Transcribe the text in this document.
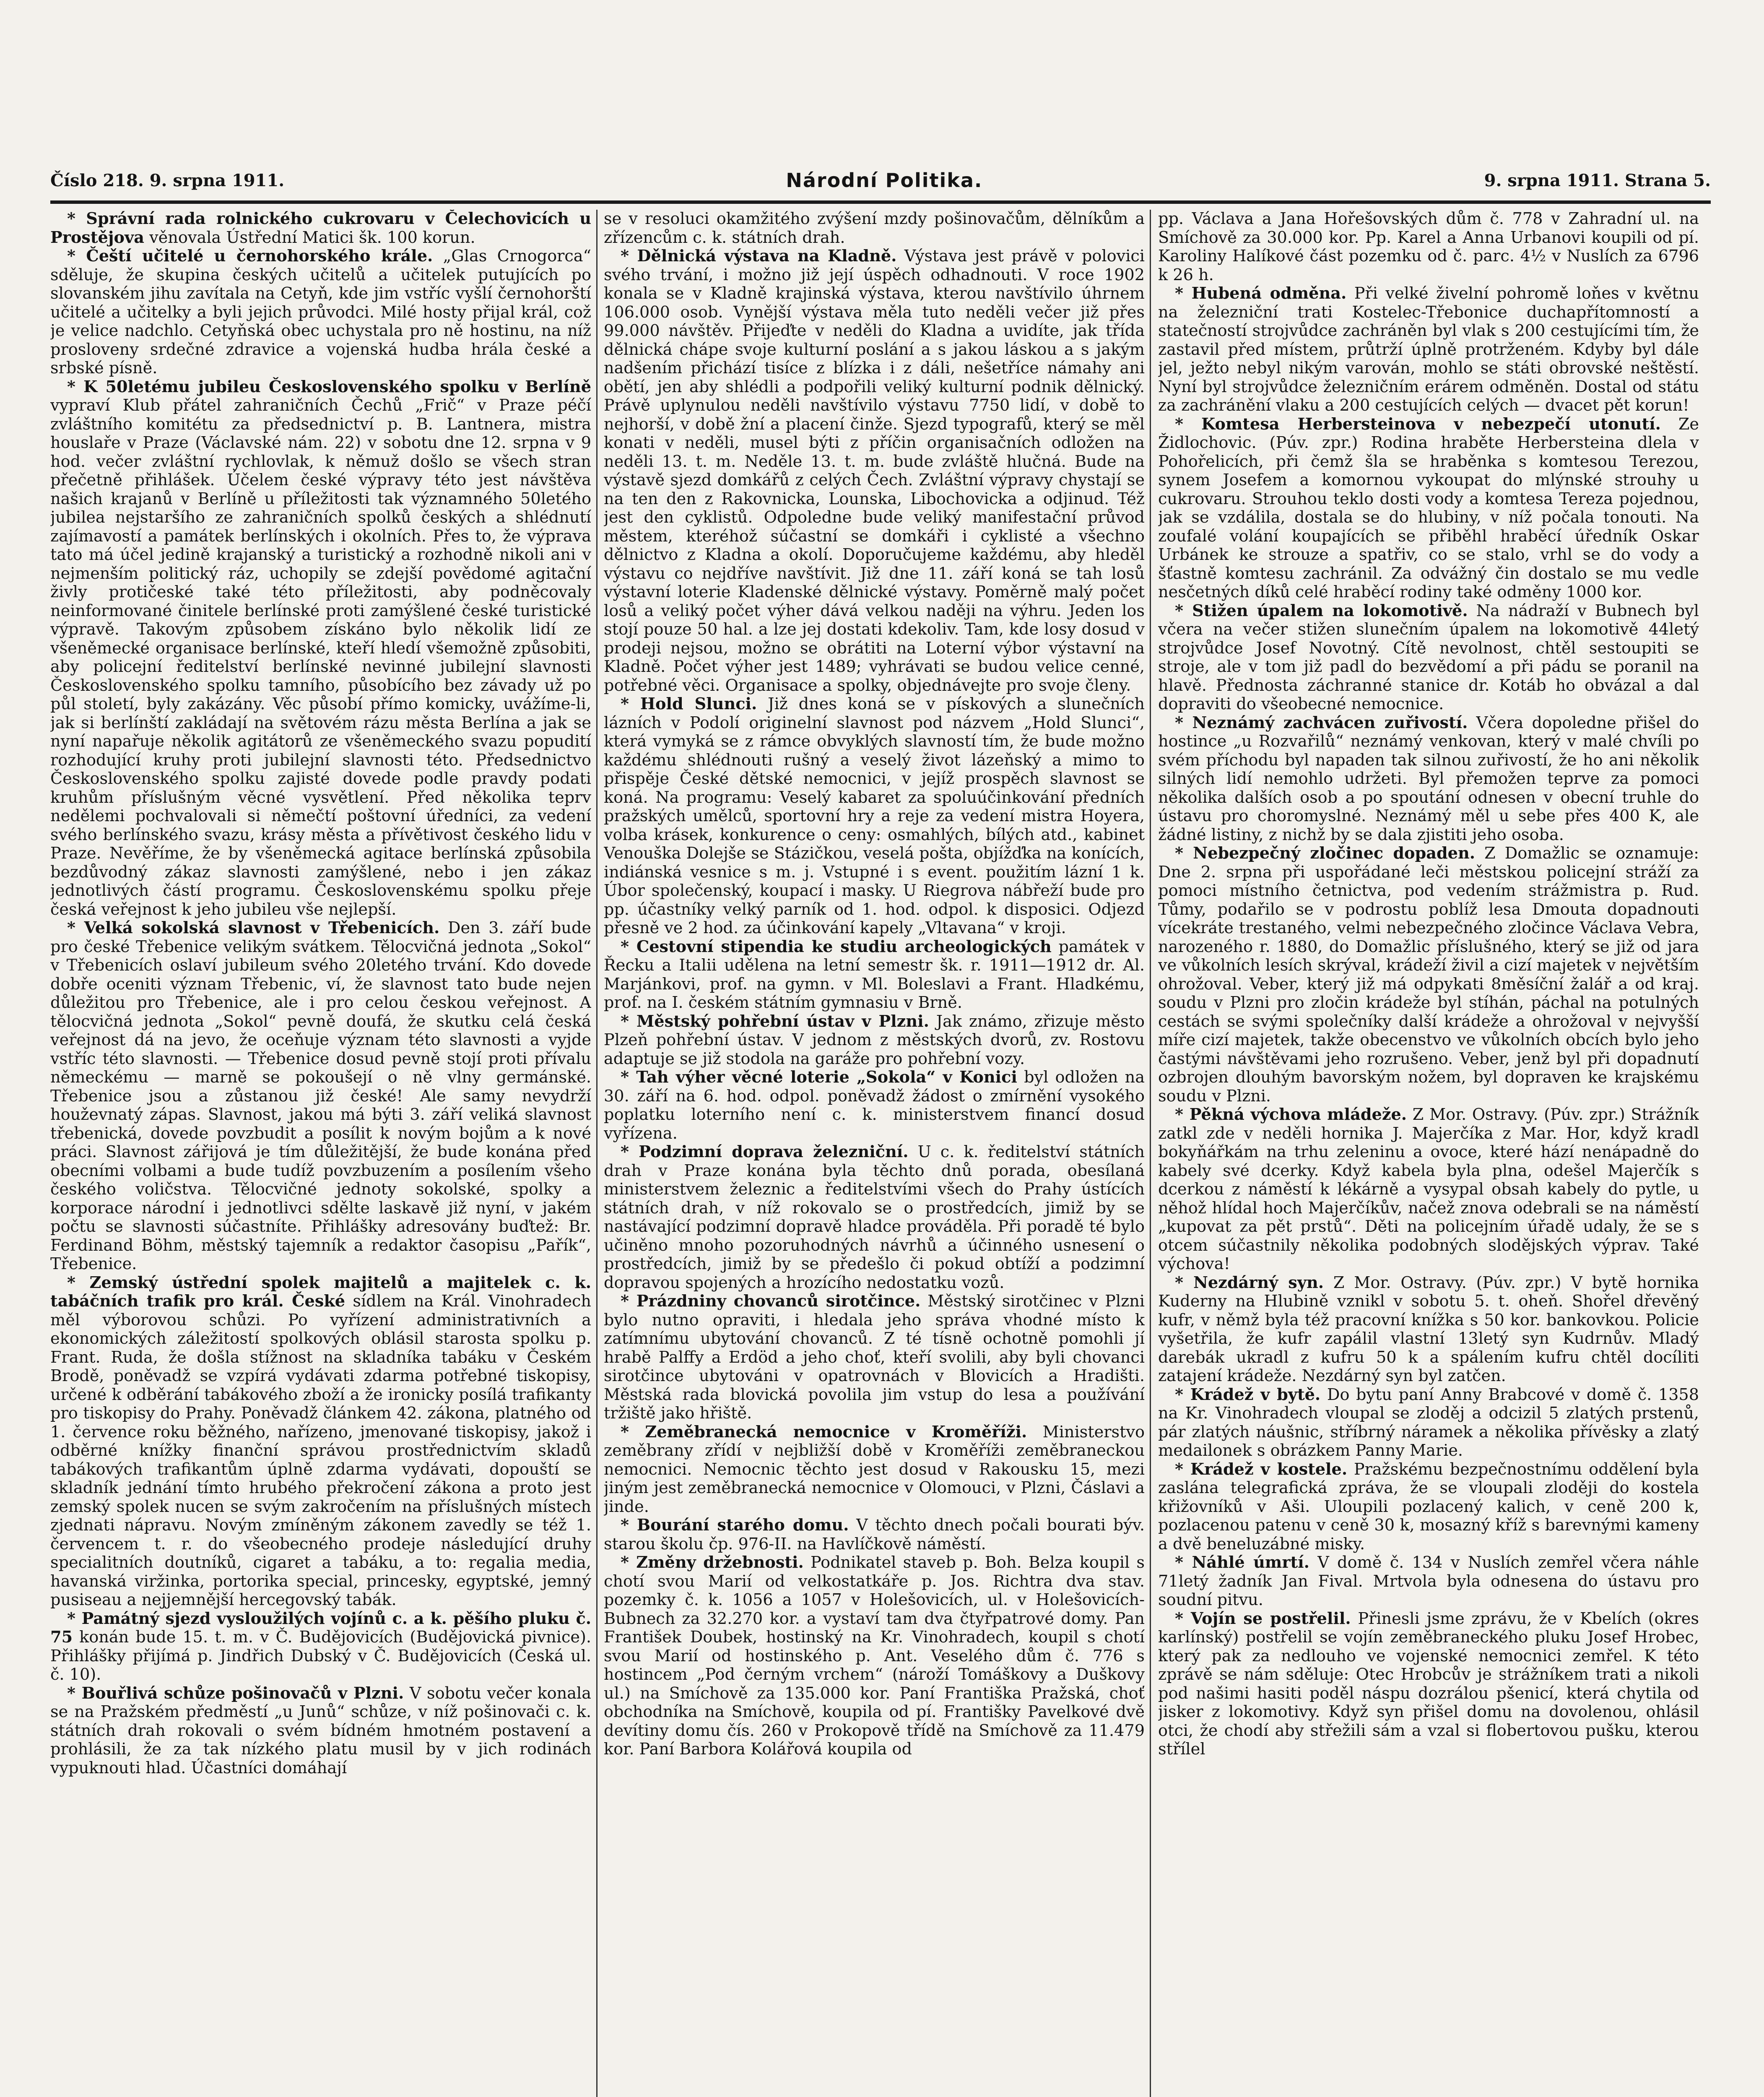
Číslo 218. 9. srpna 1911.	Národní Politika.	9. srpna 1911. Strana 5.

* Správní rada rolnického cukrovaru v Čelechovicích u Prostějova věnovala Ústřední Matici šk. 100 korun.

* Čeští učitelé u černohorského krále. „Glas Crnogorca“ sděluje, že skupina českých učitelů a učitelek putujících po slovanském jihu zavítala na Cetyň, kde jim vstříc vyšlí černohorští učitelé a učitelky a byli jejich průvodci. Milé hosty přijal král, což je velice nadchlo. Cetyňská obec uchystala pro ně hostinu, na níž prosloveny srdečné zdravice a vojenská hudba hrála české a srbské písně.

* K 50letému jubileu Československého spolku v Berlíně vypraví Klub přátel zahraničních Čechů „Frič“ v Praze péčí zvláštního komitétu za předsednictví p. B. Lantnera, mistra houslaře v Praze (Václavské nám. 22) v sobotu dne 12. srpna v 9 hod. večer zvláštní rychlovlak, k němuž došlo se všech stran přečetně přihlášek. Účelem české výpravy této jest návštěva našich krajanů v Berlíně u příležitosti tak významného 50letého jubilea nejstaršího ze zahraničních spolků českých a shlédnutí zajímavostí a památek berlínských i okolních. Přes to, že výprava tato má účel jedině krajanský a turistický a rozhodně nikoli ani v nejmenším politický ráz, uchopily se zdejší povědomé agitační živly protičeské také této příležitosti, aby podněcovaly neinformované činitele berlínské proti zamýšlené české turistické výpravě. Takovým způsobem získáno bylo několik lidí ze všeněmecké organisace berlínské, kteří hledí všemožně způsobiti, aby policejní ředitelství berlínské nevinné jubilejní slavnosti Československého spolku tamního, působícího bez závady už po půl století, byly zakázány. Věc působí přímo komicky, uvážíme-li, jak si berlínští zakládají na světovém rázu města Berlína a jak se nyní napařuje několik agitátorů ze všeněmeckého svazu popudití rozhodující kruhy proti jubilejní slavnosti této. Předsednictvo Československého spolku zajisté dovede podle pravdy podati kruhům příslušným věcné vysvětlení. Před několika teprv nedělemi pochvalovali si němečtí poštovní úředníci, za vedení svého berlínského svazu, krásy města a přívětivost českého lidu v Praze. Nevěříme, že by všeněmecká agitace berlínská způsobila bezdůvodný zákaz slavnosti zamýšlené, nebo i jen zákaz jednotlivých částí programu. Československému spolku přeje česká veřejnost k jeho jubileu vše nejlepší.

* Velká sokolská slavnost v Třebenicích. Den 3. září bude pro české Třebenice velikým svátkem. Tělocvičná jednota „Sokol“ v Třebenicích oslaví jubileum svého 20letého trvání. Kdo dovede dobře oceniti význam Třebenic, ví, že slavnost tato bude nejen důležitou pro Třebenice, ale i pro celou českou veřejnost. A tělocvičná jednota „Sokol“ pevně doufá, že skutku celá česká veřejnost dá na jevo, že oceňuje význam této slavnosti a vyjde vstříc této slavnosti. — Třebenice dosud pevně stojí proti přívalu německému — marně se pokoušejí o ně vlny germánské. Třebenice jsou a zůstanou již české! Ale samy nevydrží houževnatý zápas. Slavnost, jakou má býti 3. září veliká slavnost třebenická, dovede povzbudit a posílit k novým bojům a k nové práci. Slavnost zářijová je tím důležitější, že bude konána před obecními volbami a bude tudíž povzbuzením a posílením všeho českého voličstva. Tělocvičné jednoty sokolské, spolky a korporace národní i jednotlivci sdělte laskavě již nyní, v jakém počtu se slavnosti súčastníte. Přihlášky adresovány buďtež: Br. Ferdinand Böhm, městský tajemník a redaktor časopisu „Pařík“, Třebenice.

* Zemský ústřední spolek majitelů a majitelek c. k. tabáčních trafik pro král. České sídlem na Král. Vinohradech měl výborovou schůzi. Po vyřízení administrativních a ekonomických záležitostí spolkových oblásil starosta spolku p. Frant. Ruda, že došla stížnost na skladníka tabáku v Českém Brodě, poněvadž se vzpírá vydávati zdarma potřebné tiskopisy, určené k odběrání tabákového zboží a že ironicky posílá trafikanty pro tiskopisy do Prahy. Poněvadž článkem 42. zákona, platného od 1. července roku běžného, nařízeno, jmenované tiskopisy, jakož i odběrné knížky finanční správou prostřednictvím skladů tabákových trafikantům úplně zdarma vydávati, dopouští se skladník jednání tímto hrubého překročení zákona a proto jest zemský spolek nucen se svým zakročením na příslušných místech zjednati nápravu. Novým zmíněným zákonem zavedly se též 1. červencem t. r. do všeobecného prodeje následující druhy specialitních doutníků, cigaret a tabáku, a to: regalia media, havanská viržinka, portorika special, princesky, egyptské, jemný pusiseau a nejjemnější hercegovský tabák.

* Památný sjezd vysloužilých vojínů c. a k. pěšího pluku č. 75 konán bude 15. t. m. v Č. Budějovicích (Budějovická pivnice). Přihlášky přijímá p. Jindřich Dubský v Č. Budějovicích (Česká ul. č. 10).

* Bouřlivá schůze pošinovačů v Plzni. V sobotu večer konala se na Pražském předměstí „u Junů“ schůze, v níž pošinovači c. k. státních drah rokovali o svém bídném hmotném postavení a prohlásili, že za tak nízkého platu musil by v jich rodinách vypuknouti hlad. Účastníci domáhají

se v resoluci okamžitého zvýšení mzdy pošinovačům, dělníkům a zřízencům c. k. státních drah.

* Dělnická výstava na Kladně. Výstava jest právě v polovici svého trvání, i možno již její úspěch odhadnouti. V roce 1902 konala se v Kladně krajinská výstava, kterou navštívilo úhrnem 106.000 osob. Vynější výstava měla tuto neděli večer již přes 99.000 návštěv. Přijeďte v neděli do Kladna a uvidíte, jak třída dělnická chápe svoje kulturní poslání a s jakou láskou a s jakým nadšením přichází tisíce z blízka i z dáli, nešetříce námahy ani obětí, jen aby shlédli a podpořili veliký kulturní podnik dělnický. Právě uplynulou neděli navštívilo výstavu 7750 lidí, v době to nejhorší, v době žní a placení činže. Sjezd typografů, který se měl konati v neděli, musel býti z příčin organisačních odložen na neděli 13. t. m. Neděle 13. t. m. bude zvláště hlučná. Bude na výstavě sjezd domkářů z celých Čech. Zvláštní výpravy chystají se na ten den z Rakovnicka, Lounska, Libochovicka a odjinud. Též jest den cyklistů. Odpoledne bude veliký manifestační průvod městem, kteréhož súčastní se domkáři i cyklisté a všechno dělnictvo z Kladna a okolí. Doporučujeme každému, aby hleděl výstavu co nejdříve navštívit. Již dne 11. září koná se tah losů výstavní loterie Kladenské dělnické výstavy. Poměrně malý počet losů a veliký počet výher dává velkou naději na výhru. Jeden los stojí pouze 50 hal. a lze jej dostati kdekoliv. Tam, kde losy dosud v prodeji nejsou, možno se obrátiti na Loterní výbor výstavní na Kladně. Počet výher jest 1489; vyhrávati se budou velice cenné, potřebné věci. Organisace a spolky, objednávejte pro svoje členy.

* Hold Slunci. Již dnes koná se v pískových a slunečních lázních v Podolí originelní slavnost pod názvem „Hold Slunci“, která vymyká se z rámce obvyklých slavností tím, že bude možno každému shlédnouti rušný a veselý život lázeňský a mimo to přispěje České dětské nemocnici, v jejíž prospěch slavnost se koná. Na programu: Veselý kabaret za spoluúčinkování předních pražských umělců, sportovní hry a reje za vedení mistra Hoyera, volba krásek, konkurence o ceny: osmahlých, bílých atd., kabinet Venouška Dolejše se Stázičkou, veselá pošta, objížďka na konících, indiánská vesnice s m. j. Vstupné i s event. použitím lázní 1 k. Úbor společenský, koupací i masky. U Riegrova nábřeží bude pro pp. účastníky velký parník od 1. hod. odpol. k disposici. Odjezd přesně ve 2 hod. za účinkování kapely „Vltavana“ v kroji.

* Cestovní stipendia ke studiu archeologických památek v Řecku a Italii udělena na letní semestr šk. r. 1911—1912 dr. Al. Marjánkovi, prof. na gymn. v Ml. Boleslavi a Frant. Hladkému, prof. na I. českém státním gymnasiu v Brně.

* Městský pohřební ústav v Plzni. Jak známo, zřizuje město Plzeň pohřební ústav. V jednom z městských dvorů, zv. Rostovu adaptuje se již stodola na garáže pro pohřební vozy.

* Tah výher věcné loterie „Sokola“ v Konici byl odložen na 30. září na 6. hod. odpol. poněvadž žádost o zmírnění vysokého poplatku loterního není c. k. ministerstvem financí dosud vyřízena.

* Podzimní doprava železniční. U c. k. ředitelství státních drah v Praze konána byla těchto dnů porada, obesílaná ministerstvem železnic a ředitelstvími všech do Prahy ústících státních drah, v níž rokovalo se o prostředcích, jimiž by se nastávající podzimní dopravě hladce prováděla. Při poradě té bylo učiněno mnoho pozoruhodných návrhů a účinného usnesení o prostředcích, jimiž by se předešlo či pokud obtíží a podzimní dopravou spojených a hrozícího nedostatku vozů.

* Prázdniny chovanců sirotčince. Městský sirotčinec v Plzni bylo nutno opraviti, i hledala jeho správa vhodné místo k zatímnímu ubytování chovanců. Z té tísně ochotně pomohli jí hrabě Palffy a Erdöd a jeho choť, kteří svolili, aby byli chovanci sirotčince ubytováni v opatrovnách v Blovicích a Hradišti. Městská rada blovická povolila jim vstup do lesa a používání tržiště jako hřiště.

* Zeměbranecká nemocnice v Kroměříži. Ministerstvo zeměbrany zřídí v nejbližší době v Kroměříži zeměbraneckou nemocnici. Nemocnic těchto jest dosud v Rakousku 15, mezi jiným jest zeměbranecká nemocnice v Olomouci, v Plzni, Čáslavi a jinde.

* Bourání starého domu. V těchto dnech počali bourati býv. starou školu čp. 976-II. na Havlíčkově náměstí.

* Změny držebnosti. Podnikatel staveb p. Boh. Belza koupil s chotí svou Marií od velkostatkáře p. Jos. Richtra dva stav. pozemky č. k. 1056 a 1057 v Holešovicích, ul. v Holešovicích-Bubnech za 32.270 kor. a vystaví tam dva čtyřpatrové domy. Pan František Doubek, hostinský na Kr. Vinohradech, koupil s chotí svou Marií od hostinského p. Ant. Veselého dům č. 776 s hostincem „Pod černým vrchem“ (nároží Tomáškovy a Duškovy ul.) na Smíchově za 135.000 kor. Paní Františka Pražská, choť obchodníka na Smíchově, koupila od pí. Františky Pavelkové dvě devítiny domu čís. 260 v Prokopově třídě na Smíchově za 11.479 kor. Paní Barbora Kolářová koupila od

pp. Václava a Jana Hořešovských dům č. 778 v Zahradní ul. na Smíchově za 30.000 kor. Pp. Karel a Anna Urbanovi koupili od pí. Karoliny Halíkové část pozemku od č. parc. 4½ v Nuslích za 6796 k 26 h.

* Hubená odměna. Při velké živelní pohromě loňes v květnu na železniční trati Kostelec-Třebonice duchapřítomností a statečností strojvůdce zachráněn byl vlak s 200 cestujícími tím, že zastavil před místem, průtrží úplně protrženém. Kdyby byl dále jel, ježto nebyl nikým varován, mohlo se státi obrovské neštěstí. Nyní byl strojvůdce železničním erárem odměněn. Dostal od státu za zachránění vlaku a 200 cestujících celých — dvacet pět korun!

* Komtesa Herbersteinova v nebezpečí utonutí. Ze Židlochovic. (Púv. zpr.) Rodina hraběte Herbersteina dlela v Pohořelicích, při čemž šla se hraběnka s komtesou Terezou, synem Josefem a komornou vykoupat do mlýnské strouhy u cukrovaru. Strouhou teklo dosti vody a komtesa Tereza pojednou, jak se vzdálila, dostala se do hlubiny, v níž počala tonouti. Na zoufalé volání koupajících se přiběhl hraběcí úředník Oskar Urbánek ke strouze a spatřiv, co se stalo, vrhl se do vody a šťastně komtesu zachránil. Za odvážný čin dostalo se mu vedle nesčetných díků celé hraběcí rodiny také odměny 1000 kor.

* Stižen úpalem na lokomotivě. Na nádraží v Bubnech byl včera na večer stižen slunečním úpalem na lokomotivě 44letý strojvůdce Josef Novotný. Cítě nevolnost, chtěl sestoupiti se stroje, ale v tom již padl do bezvědomí a při pádu se poranil na hlavě. Přednosta záchranné stanice dr. Kotáb ho obvázal a dal dopraviti do všeobecné nemocnice.

* Neznámý zachvácen zuřivostí. Včera dopoledne přišel do hostince „u Rozvařilů“ neznámý venkovan, který v malé chvíli po svém příchodu byl napaden tak silnou zuřivostí, že ho ani několik silných lidí nemohlo udržeti. Byl přemožen teprve za pomoci několika dalších osob a po spoutání odnesen v obecní truhle do ústavu pro choromyslné. Neznámý měl u sebe přes 400 K, ale žádné listiny, z nichž by se dala zjistiti jeho osoba.

* Nebezpečný zločinec dopaden. Z Domažlic se oznamuje: Dne 2. srpna při uspořádané leči městskou policejní stráží za pomoci místního četnictva, pod vedením strážmistra p. Rud. Tůmy, podařilo se v podrostu poblíž lesa Dmouta dopadnouti vícekráte trestaného, velmi nebezpečného zločince Václava Vebra, narozeného r. 1880, do Domažlic příslušného, který se již od jara ve vůkolních lesích skrýval, krádeží živil a cizí majetek v největším ohrožoval. Veber, který již má odpykati 8měsíční žalář a od kraj. soudu v Plzni pro zločin krádeže byl stíhán, páchal na potulných cestách se svými společníky další krádeže a ohrožoval v nejvyšší míře cizí majetek, takže obecenstvo ve vůkolních obcích bylo jeho častými návštěvami jeho rozrušeno. Veber, jenž byl při dopadnutí ozbrojen dlouhým bavorským nožem, byl dopraven ke krajskému soudu v Plzni.

* Pěkná výchova mládeže. Z Mor. Ostravy. (Púv. zpr.) Strážník zatkl zde v neděli hornika J. Majerčíka z Mar. Hor, když kradl bokyňářkám na trhu zeleninu a ovoce, které hází nenápadně do kabely své dcerky. Když kabela byla plna, odešel Majerčík s dcerkou z náměstí k lékárně a vysypal obsah kabely do pytle, u něhož hlídal hoch Majerčíkův, načež znova odebrali se na náměstí „kupovat za pět prstů“. Děti na policejním úřadě udaly, že se s otcem súčastnily několika podobných slodějských výprav. Také výchova!

* Nezdárný syn. Z Mor. Ostravy. (Púv. zpr.) V bytě hornika Kuderny na Hlubině vznikl v sobotu 5. t. oheň. Shořel dřevěný kufr, v němž byla též pracovní knížka s 50 kor. bankovkou. Policie vyšetřila, že kufr zapálil vlastní 13letý syn Kudrnův. Mladý darebák ukradl z kufru 50 k a spálením kufru chtěl docíliti zatajení krádeže. Nezdárný syn byl zatčen.

* Krádež v bytě. Do bytu paní Anny Brabcové v domě č. 1358 na Kr. Vinohradech vloupal se zloděj a odcizil 5 zlatých prstenů, pár zlatých náušnic, stříbrný náramek a několika přívěsky a zlatý medailonek s obrázkem Panny Marie.

* Krádež v kostele. Pražskému bezpečnostnímu oddělení byla zaslána telegrafická zpráva, že se vloupali zloději do kostela křižovníků v Aši. Uloupili pozlacený kalich, v ceně 200 k, pozlacenou patenu v ceně 30 k, mosazný kříž s barevnými kameny a dvě beneluzábné misky.

* Náhlé úmrtí. V domě č. 134 v Nuslích zemřel včera náhle 71letý žadník Jan Fival. Mrtvola byla odnesena do ústavu pro soudní pitvu.

* Vojín se postřelil. Přinesli jsme zprávu, že v Kbelích (okres karlínský) postřelil se vojín zeměbraneckého pluku Josef Hrobec, který pak za nedlouho ve vojenské nemocnici zemřel. K této zprávě se nám sděluje: Otec Hrobcův je strážníkem trati a nikoli pod našimi hasiti poděl náspu dozrálou pšenicí, která chytila od jisker z lokomotivy. Když syn přišel domu na dovolenou, ohlásil otci, že chodí aby střežili sám a vzal si flobertovou pušku, kterou střílel
